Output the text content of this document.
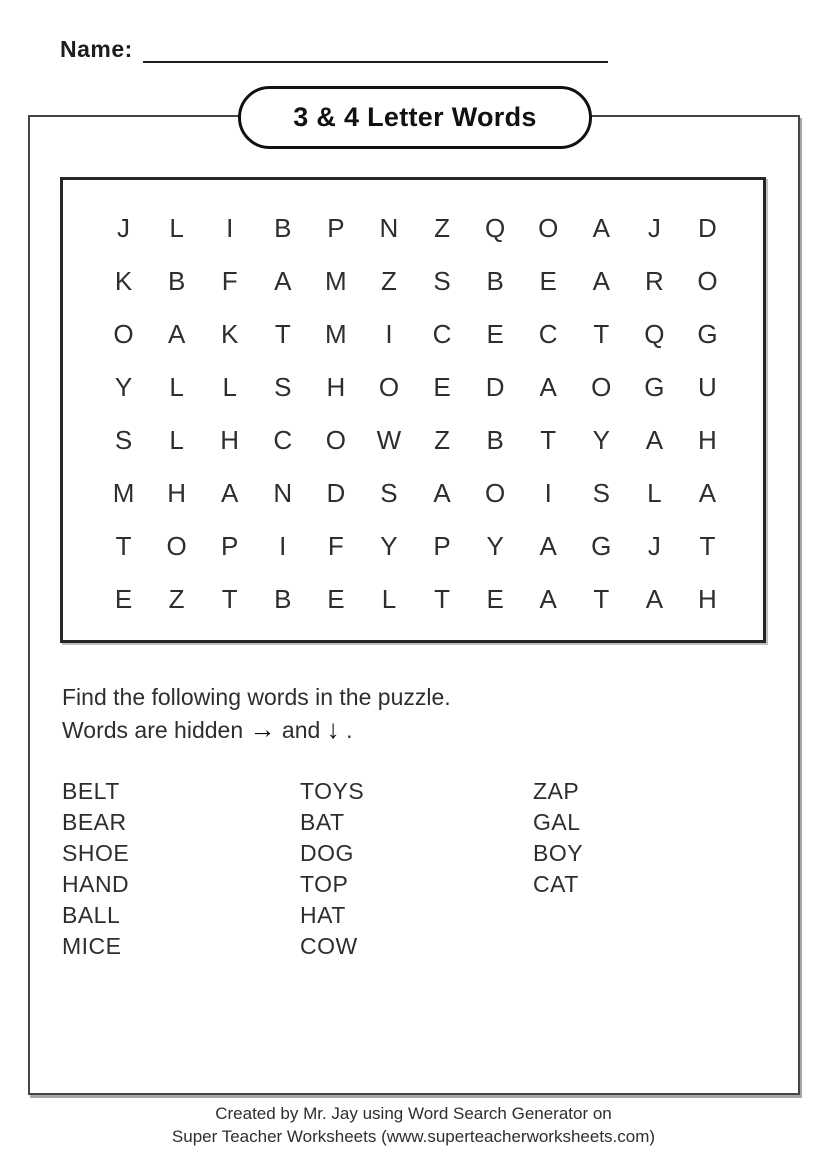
Name:
3 & 4 Letter Words
J	L	I	B	P	N	Z	Q	O	A	J	D
K	B	F	A	M	Z	S	B	E	A	R	O
O	A	K	T	M	I	C	E	C	T	Q	G
Y	L	L	S	H	O	E	D	A	O	G	U
S	L	H	C	O	W	Z	B	T	Y	A	H
M	H	A	N	D	S	A	O	I	S	L	A
T	O	P	I	F	Y	P	Y	A	G	J	T
E	Z	T	B	E	L	T	E	A	T	A	H
Find the following words in the puzzle.
Words are hidden → and ↓ .
BELT
BEAR
SHOE
HAND
BALL
MICE
TOYS
BAT
DOG
TOP
HAT
COW
ZAP
GAL
BOY
CAT
Created by Mr. Jay using Word Search Generator on
Super Teacher Worksheets (www.superteacherworksheets.com)
